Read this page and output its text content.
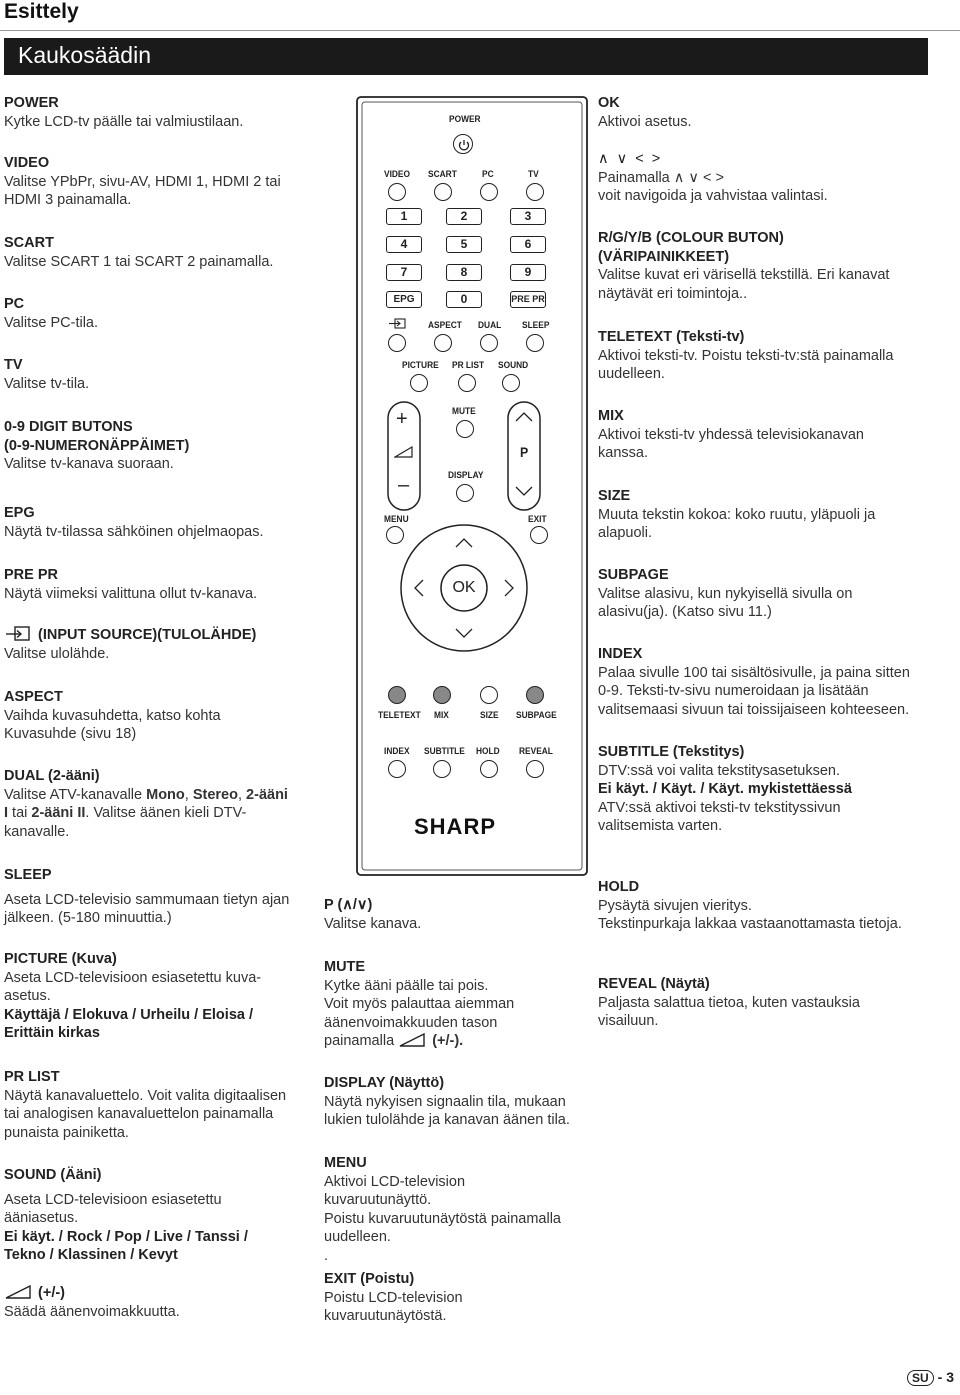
Esittely
Kaukosäädin

POWER

Kytke LCD-tv päälle tai valmiustilaan.

VIDEO

Valitse YPbPr, sivu-AV, HDMI 1, HDMI 2 tai

HDMI 3 painamalla.

SCART

Valitse SCART 1 tai SCART 2 painamalla.

PC

Valitse PC-tila.

TV

Valitse tv-tila.

0-9 DIGIT BUTONS

(0-9-NUMERONÄPPÄIMET)

Valitse tv-kanava suoraan.

EPG

Näytä tv-tilassa sähköinen ohjelmaopas.

PRE PR

Näytä viimeksi valittuna ollut tv-kanava.

(INPUT SOURCE)(TULOLÄHDE)

Valitse ulolähde.

ASPECT

Vaihda kuvasuhdetta, katso kohta

Kuvasuhde (sivu 18)

DUAL (2-ääni)

Valitse ATV-kanavalle Mono, Stereo, 2-ääni

I tai 2-ääni II. Valitse äänen kieli DTV-

kanavalle.

OK

Aktivoi asetus.

∧ ∨ < >

Painamalla ∧ ∨ < >

voit navigoida ja vahvistaa valintasi.

R/G/Y/B (COLOUR BUTON)

(VÄRIPAINIKKEET)

Valitse kuvat eri värisellä tekstillä. Eri kanavat

näytävät eri toimintoja..

TELETEXT (Teksti-tv)

Aktivoi teksti-tv. Poistu teksti-tv:stä painamalla

uudelleen.

MIX

Aktivoi teksti-tv yhdessä televisiokanavan

kanssa.

SIZE

Muuta tekstin kokoa: koko ruutu, yläpuoli ja

alapuoli.

SUBPAGE

Valitse alasivu, kun nykyisellä sivulla on

alasivu(ja). (Katso sivu 11.)

INDEX

Palaa sivulle 100 tai sisältösivulle, ja paina sitten

0-9. Teksti-tv-sivu numeroidaan ja lisätään

valitsemaasi sivuun tai toissijaiseen kohteeseen.

SUBTITLE (Tekstitys)

DTV:ssä voi valita tekstitysasetuksen.

Ei käyt. / Käyt. / Käyt. mykistettäessä

ATV:ssä aktivoi teksti-tv tekstityssivun

valitsemista varten.

SLEEP

Aseta LCD-televisio sammumaan tietyn ajan

jälkeen. (5-180 minuuttia.)

PICTURE (Kuva)

Aseta LCD-televisioon esiasetettu kuva-

asetus.

Käyttäjä / Elokuva / Urheilu / Eloisa /

Erittäin kirkas

PR LIST

Näytä kanavaluettelo. Voit valita digitaalisen

tai analogisen kanavaluettelon painamalla

punaista painiketta.

SOUND (Ääni)

Aseta LCD-televisioon esiasetettu

ääniasetus.

Ei käyt. / Rock / Pop / Live / Tanssi /

Tekno / Klassinen / Kevyt

(+/-)

Säädä äänenvoimakkuutta.

P (∧/∨)

Valitse kanava.

MUTE

Kytke ääni päälle tai pois.

Voit myös palauttaa aiemman

äänenvoimakkuuden tason

painamalla	(+/-).

DISPLAY (Näyttö)

Näytä nykyisen signaalin tila, mukaan

lukien tulolähde ja kanavan äänen tila.

MENU

Aktivoi LCD-television

kuvaruutunäyttö.

Poistu kuvaruutunäytöstä painamalla

uudelleen.

.

EXIT (Poistu)

Poistu LCD-television

kuvaruutunäytöstä.

HOLD

Pysäytä sivujen vieritys.

Tekstinpurkaja lakkaa vastaanottamasta tietoja.

REVEAL (Näytä)

Paljasta salattua tietoa, kuten vastauksia

visailuun.

POWER
VIDEO SCART	PC	TV
1	2	3
4	5	6
7	8	9
EPG	0	PRE PR
ASPECT DUAL SLEEP
PICTURE PR LIST SOUND
+
–
MUTE
DISPLAY
P
MENU	EXIT
OK
TELETEXT MIX	SIZE SUBPAGE
INDEX SUBTITLE HOLD REVEAL
SHARP
SU - 3
